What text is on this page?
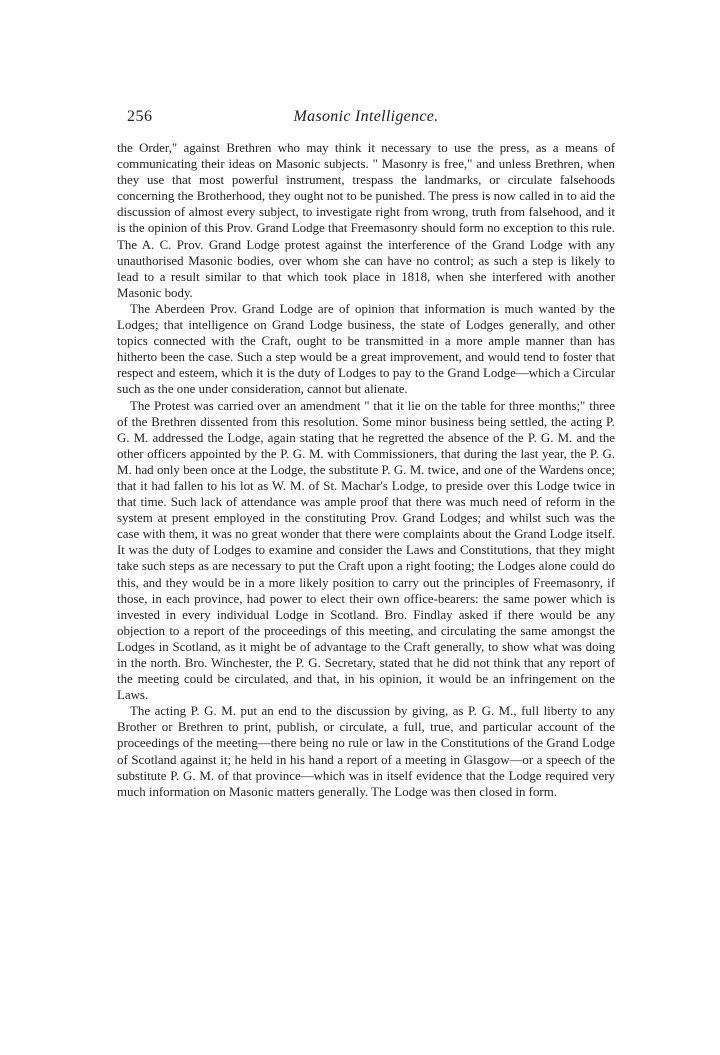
256	Masonic Intelligence.

the Order," against Brethren who may think it necessary to use the press, as a means of communicating their ideas on Masonic subjects. " Masonry is free," and unless Brethren, when they use that most powerful instrument, trespass the landmarks, or circulate falsehoods concerning the Brotherhood, they ought not to be punished. The press is now called in to aid the discussion of almost every subject, to investigate right from wrong, truth from falsehood, and it is the opinion of this Prov. Grand Lodge that Freemasonry should form no exception to this rule. The A. C. Prov. Grand Lodge protest against the interference of the Grand Lodge with any unauthorised Masonic bodies, over whom she can have no control; as such a step is likely to lead to a result similar to that which took place in 1818, when she interfered with another Masonic body.

The Aberdeen Prov. Grand Lodge are of opinion that information is much wanted by the Lodges; that intelligence on Grand Lodge business, the state of Lodges generally, and other topics connected with the Craft, ought to be transmitted in a more ample manner than has hitherto been the case. Such a step would be a great improvement, and would tend to foster that respect and esteem, which it is the duty of Lodges to pay to the Grand Lodge—which a Circular such as the one under consideration, cannot but alienate.

The Protest was carried over an amendment " that it lie on the table for three months;" three of the Brethren dissented from this resolution. Some minor business being settled, the acting P. G. M. addressed the Lodge, again stating that he regretted the absence of the P. G. M. and the other officers appointed by the P. G. M. with Commissioners, that during the last year, the P. G. M. had only been once at the Lodge, the substitute P. G. M. twice, and one of the Wardens once; that it had fallen to his lot as W. M. of St. Machar's Lodge, to preside over this Lodge twice in that time. Such lack of attendance was ample proof that there was much need of reform in the system at present employed in the constituting Prov. Grand Lodges; and whilst such was the case with them, it was no great wonder that there were complaints about the Grand Lodge itself. It was the duty of Lodges to examine and consider the Laws and Constitutions, that they might take such steps as are necessary to put the Craft upon a right footing; the Lodges alone could do this, and they would be in a more likely position to carry out the principles of Freemasonry, if those, in each province, had power to elect their own office-bearers: the same power which is invested in every individual Lodge in Scotland. Bro. Findlay asked if there would be any objection to a report of the proceedings of this meeting, and circulating the same amongst the Lodges in Scotland, as it might be of advantage to the Craft generally, to show what was doing in the north. Bro. Winchester, the P. G. Secretary, stated that he did not think that any report of the meeting could be circulated, and that, in his opinion, it would be an infringement on the Laws.

The acting P. G. M. put an end to the discussion by giving, as P. G. M., full liberty to any Brother or Brethren to print, publish, or circulate, a full, true, and particular account of the proceedings of the meeting—there being no rule or law in the Constitutions of the Grand Lodge of Scotland against it; he held in his hand a report of a meeting in Glasgow—or a speech of the substitute P. G. M. of that province—which was in itself evidence that the Lodge required very much information on Masonic matters generally. The Lodge was then closed in form.
